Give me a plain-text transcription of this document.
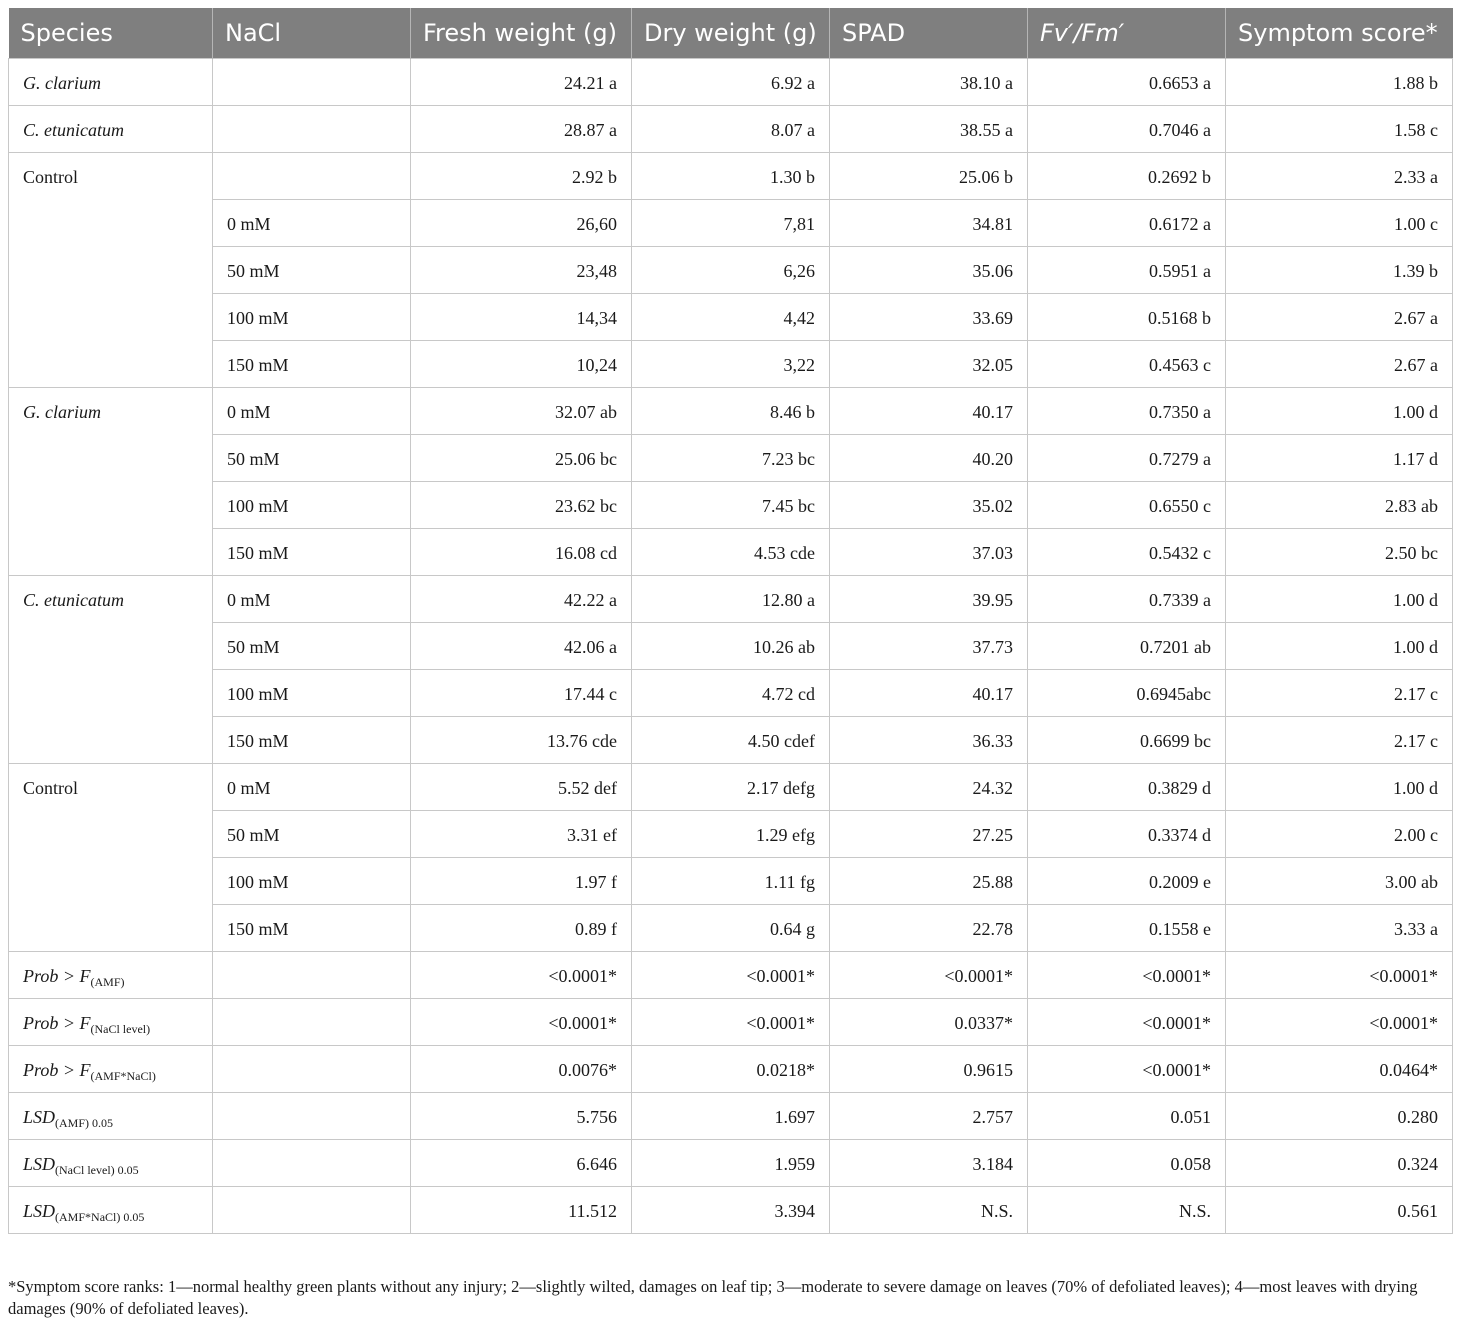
Species	NaCl	Fresh weight (g)	Dry weight (g)	SPAD	Fv′/Fm′	Symptom score*
G. clarium		24.21 a	6.92 a	38.10 a	0.6653 a	1.88 b
C. etunicatum		28.87 a	8.07 a	38.55 a	0.7046 a	1.58 c
Control		2.92 b	1.30 b	25.06 b	0.2692 b	2.33 a
	0 mM	26,60	7,81	34.81	0.6172 a	1.00 c
	50 mM	23,48	6,26	35.06	0.5951 a	1.39 b
	100 mM	14,34	4,42	33.69	0.5168 b	2.67 a
	150 mM	10,24	3,22	32.05	0.4563 c	2.67 a
G. clarium	0 mM	32.07 ab	8.46 b	40.17	0.7350 a	1.00 d
	50 mM	25.06 bc	7.23 bc	40.20	0.7279 a	1.17 d
	100 mM	23.62 bc	7.45 bc	35.02	0.6550 c	2.83 ab
	150 mM	16.08 cd	4.53 cde	37.03	0.5432 c	2.50 bc
C. etunicatum	0 mM	42.22 a	12.80 a	39.95	0.7339 a	1.00 d
	50 mM	42.06 a	10.26 ab	37.73	0.7201 ab	1.00 d
	100 mM	17.44 c	4.72 cd	40.17	0.6945abc	2.17 c
	150 mM	13.76 cde	4.50 cdef	36.33	0.6699 bc	2.17 c
Control	0 mM	5.52 def	2.17 defg	24.32	0.3829 d	1.00 d
	50 mM	3.31 ef	1.29 efg	27.25	0.3374 d	2.00 c
	100 mM	1.97 f	1.11 fg	25.88	0.2009 e	3.00 ab
	150 mM	0.89 f	0.64 g	22.78	0.1558 e	3.33 a
Prob > $F_{(AMF)}$		<0.0001*	<0.0001*	<0.0001*	<0.0001*	<0.0001*
Prob > $F_{(NaCl level)}$		<0.0001*	<0.0001*	0.0337*	<0.0001*	<0.0001*
Prob > $F_{(AMF*NaCl)}$		0.0076*	0.0218*	0.9615	<0.0001*	0.0464*
$LSD_{(AMF)}$ $_{0.05}$		5.756	1.697	2.757	0.051	0.280
$LSD_{(NaCl level)}$ $_{0.05}$		6.646	1.959	3.184	0.058	0.324
$LSD_{(AMF*NaCl)}$ $_{0.05}$		11.512	3.394	N.S.	N.S.	0.561
*Symptom score ranks: 1—normal healthy green plants without any injury; 2—slightly wilted, damages on leaf tip; 3—moderate to severe damage on leaves (70% of defoliated leaves); 4—most leaves with drying damages (90% of defoliated leaves).
